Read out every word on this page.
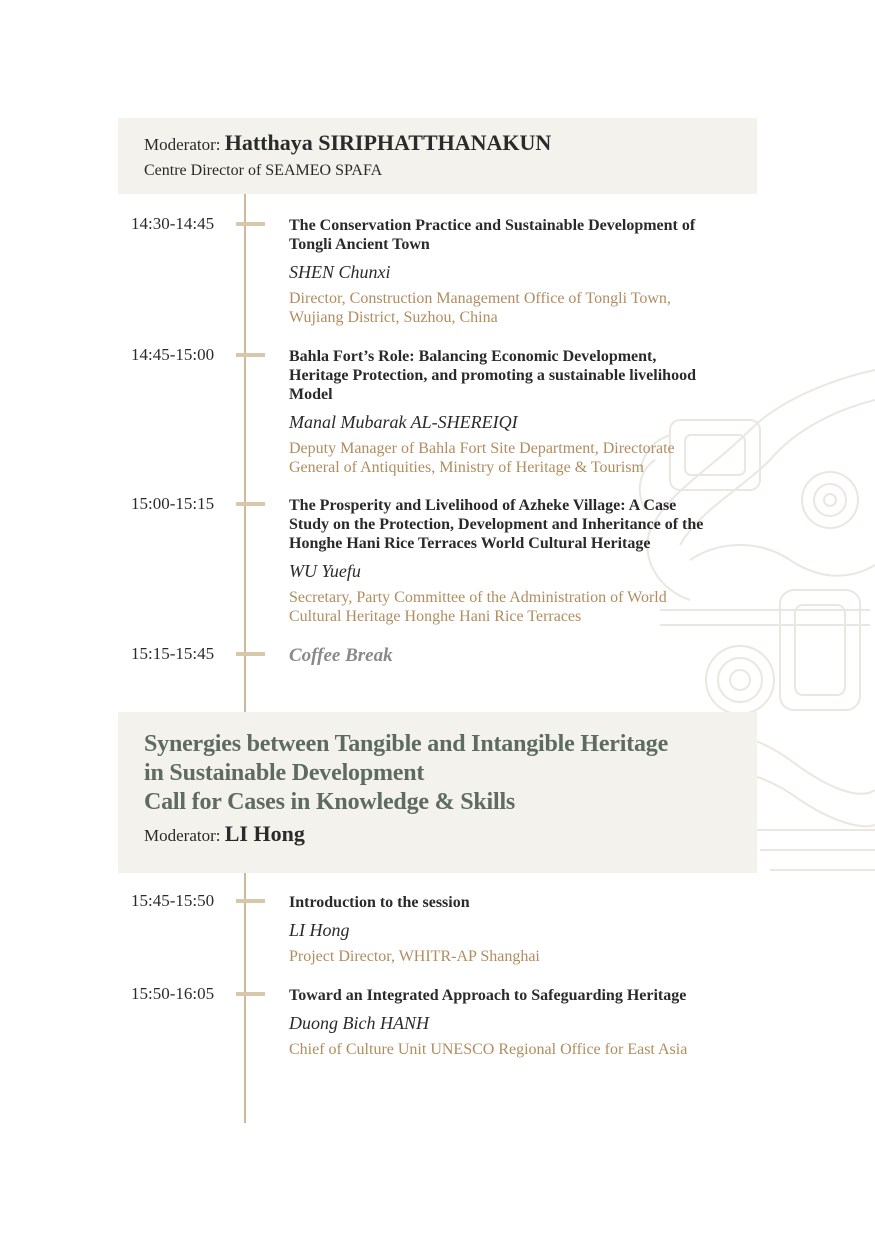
Moderator: Hatthaya SIRIPHATTHANAKUN
Centre Director of SEAMEO SPAFA
14:30-14:45	The Conservation Practice and Sustainable Development of
Tongli Ancient Town
SHEN Chunxi
Director, Construction Management Office of Tongli Town,
Wujiang District, Suzhou, China
14:45-15:00	Bahla Fort’s Role: Balancing Economic Development,
Heritage Protection, and promoting a sustainable livelihood
Model
Manal Mubarak AL-SHEREIQI
Deputy Manager of Bahla Fort Site Department, Directorate
General of Antiquities, Ministry of Heritage & Tourism
15:00-15:15	The Prosperity and Livelihood of Azheke Village: A Case
Study on the Protection, Development and Inheritance of the
Honghe Hani Rice Terraces World Cultural Heritage
WU Yuefu
Secretary, Party Committee of the Administration of World
Cultural Heritage Honghe Hani Rice Terraces
15:15-15:45	Coffee Break
Synergies between Tangible and Intangible Heritage
in Sustainable Development
Call for Cases in Knowledge & Skills
Moderator: LI Hong
15:45-15:50	Introduction to the session
LI Hong
Project Director, WHITR-AP Shanghai
15:50-16:05	Toward an Integrated Approach to Safeguarding Heritage
Duong Bich HANH
Chief of Culture Unit UNESCO Regional Office for East Asia
